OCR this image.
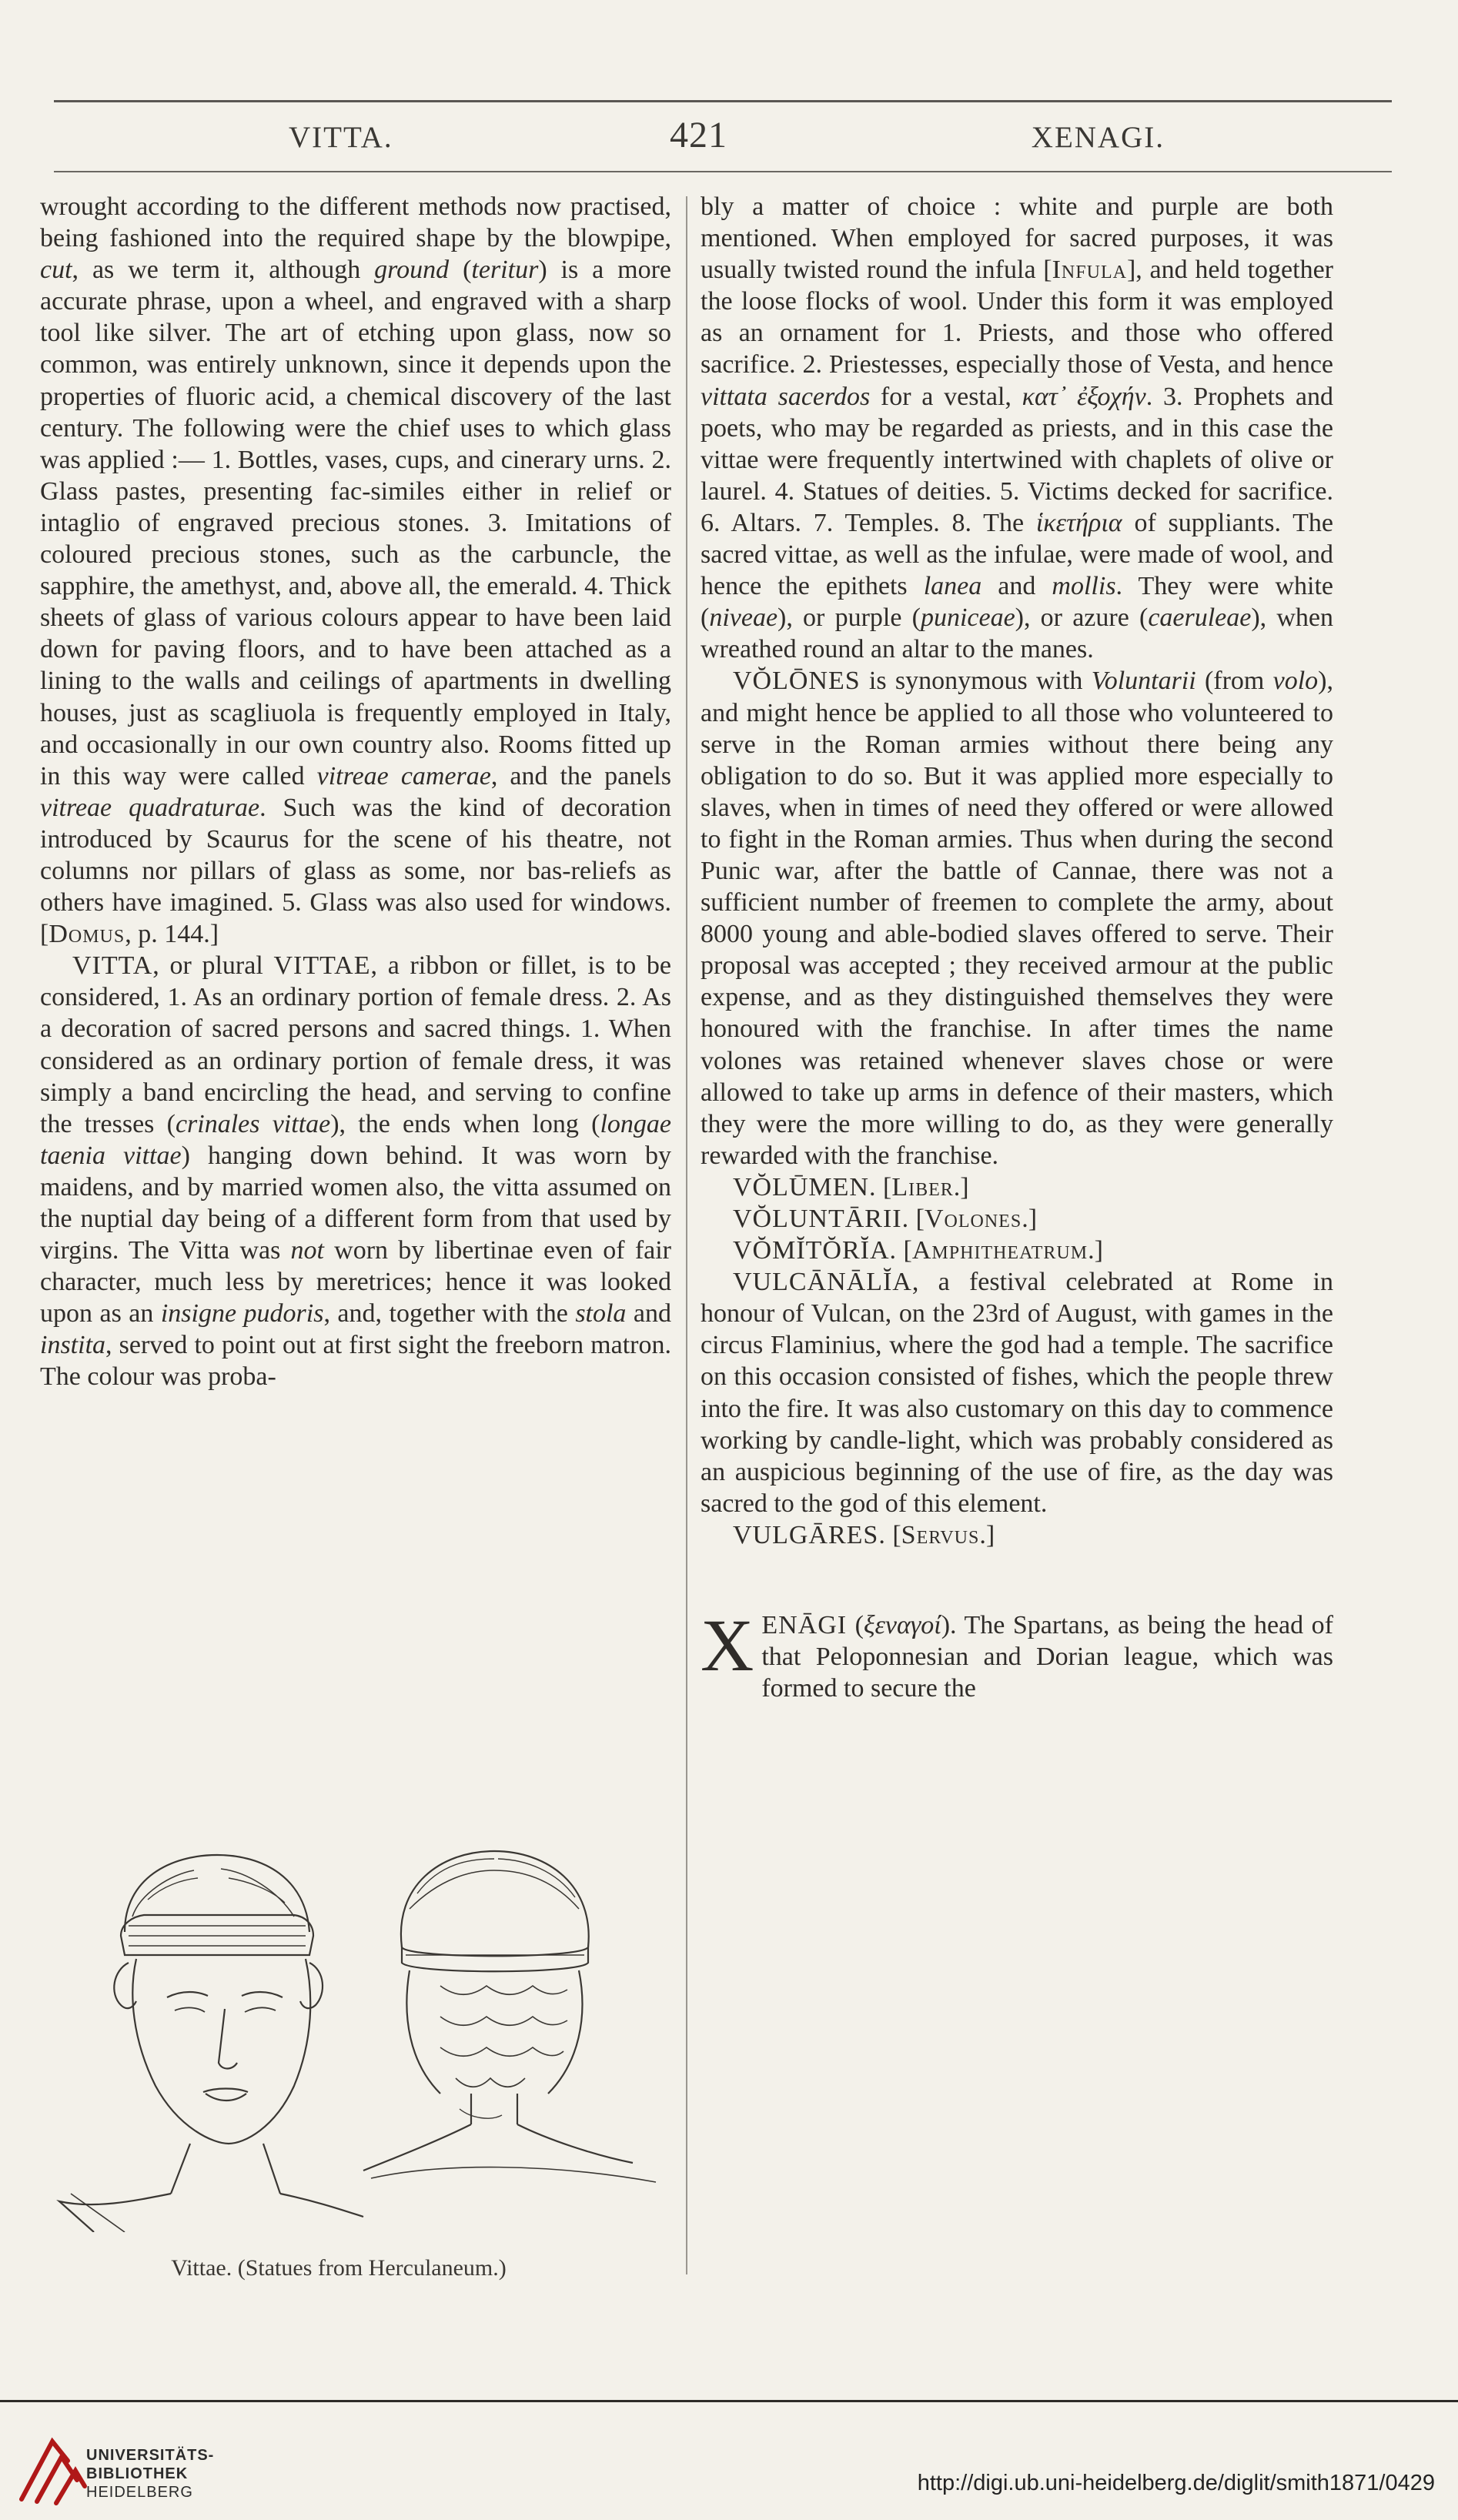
VITTA.	421	XENAGI.

wrought according to the different methods now practised, being fashioned into the required shape by the blowpipe, cut, as we term it, although ground (teritur) is a more accurate phrase, upon a wheel, and engraved with a sharp tool like silver. The art of etching upon glass, now so common, was entirely unknown, since it depends upon the properties of fluoric acid, a chemical discovery of the last century. The following were the chief uses to which glass was applied :— 1. Bottles, vases, cups, and cinerary urns. 2. Glass pastes, presenting fac-similes either in relief or intaglio of engraved precious stones. 3. Imitations of coloured precious stones, such as the carbuncle, the sapphire, the amethyst, and, above all, the emerald. 4. Thick sheets of glass of various colours appear to have been laid down for paving floors, and to have been attached as a lining to the walls and ceilings of apartments in dwelling houses, just as scagliuola is frequently employed in Italy, and occasionally in our own country also. Rooms fitted up in this way were called vitreae camerae, and the panels vitreae quadraturae. Such was the kind of decoration introduced by Scaurus for the scene of his theatre, not columns nor pillars of glass as some, nor bas-reliefs as others have imagined. 5. Glass was also used for windows. [Domus, p. 144.]

VITTA, or plural VITTAE, a ribbon or fillet, is to be considered, 1. As an ordinary portion of female dress. 2. As a decoration of sacred persons and sacred things. 1. When considered as an ordinary portion of female dress, it was simply a band encircling the head, and serving to confine the tresses (crinales vittae), the ends when long (longae taenia vittae) hanging down behind. It was worn by maidens, and by married women also, the vitta assumed on the nuptial day being of a different form from that used by virgins. The Vitta was not worn by libertinae even of fair character, much less by meretrices; hence it was looked upon as an insigne pudoris, and, together with the stola and instita, served to point out at first sight the freeborn matron. The colour was proba-

Vittae. (Statues from Herculaneum.)

bly a matter of choice : white and purple are both mentioned. When employed for sacred purposes, it was usually twisted round the infula [Infula], and held together the loose flocks of wool. Under this form it was employed as an ornament for 1. Priests, and those who offered sacrifice. 2. Priestesses, especially those of Vesta, and hence vittata sacerdos for a vestal, κατ᾽ ἐξοχήν. 3. Prophets and poets, who may be regarded as priests, and in this case the vittae were frequently intertwined with chaplets of olive or laurel. 4. Statues of deities. 5. Victims decked for sacrifice. 6. Altars. 7. Temples. 8. The ἱκετήρια of suppliants. The sacred vittae, as well as the infulae, were made of wool, and hence the epithets lanea and mollis. They were white (niveae), or purple (puniceae), or azure (caeruleae), when wreathed round an altar to the manes.

VŎLŌNES is synonymous with Voluntarii (from volo), and might hence be applied to all those who volunteered to serve in the Roman armies without there being any obligation to do so. But it was applied more especially to slaves, when in times of need they offered or were allowed to fight in the Roman armies. Thus when during the second Punic war, after the battle of Cannae, there was not a sufficient number of freemen to complete the army, about 8000 young and able-bodied slaves offered to serve. Their proposal was accepted ; they received armour at the public expense, and as they distinguished themselves they were honoured with the franchise. In after times the name volones was retained whenever slaves chose or were allowed to take up arms in defence of their masters, which they were the more willing to do, as they were generally rewarded with the franchise.

VŎLŪMEN. [Liber.]

VŎLUNTĀRII. [Volones.]

VŎMĬTŎRĬA. [Amphitheatrum.]

VULCĀNĀLĬA, a festival celebrated at Rome in honour of Vulcan, on the 23rd of August, with games in the circus Flaminius, where the god had a temple. The sacrifice on this occasion consisted of fishes, which the people threw into the fire. It was also customary on this day to commence working by candle-light, which was probably considered as an auspicious beginning of the use of fire, as the day was sacred to the god of this element.

VULGĀRES. [Servus.]

XENĀGI (ξεναγοί). The Spartans, as being the head of that Peloponnesian and Dorian league, which was formed to secure the

UNIVERSITÄTS-
BIBLIOTHEK
HEIDELBERG	http://digi.ub.uni-heidelberg.de/diglit/smith1871/0429
